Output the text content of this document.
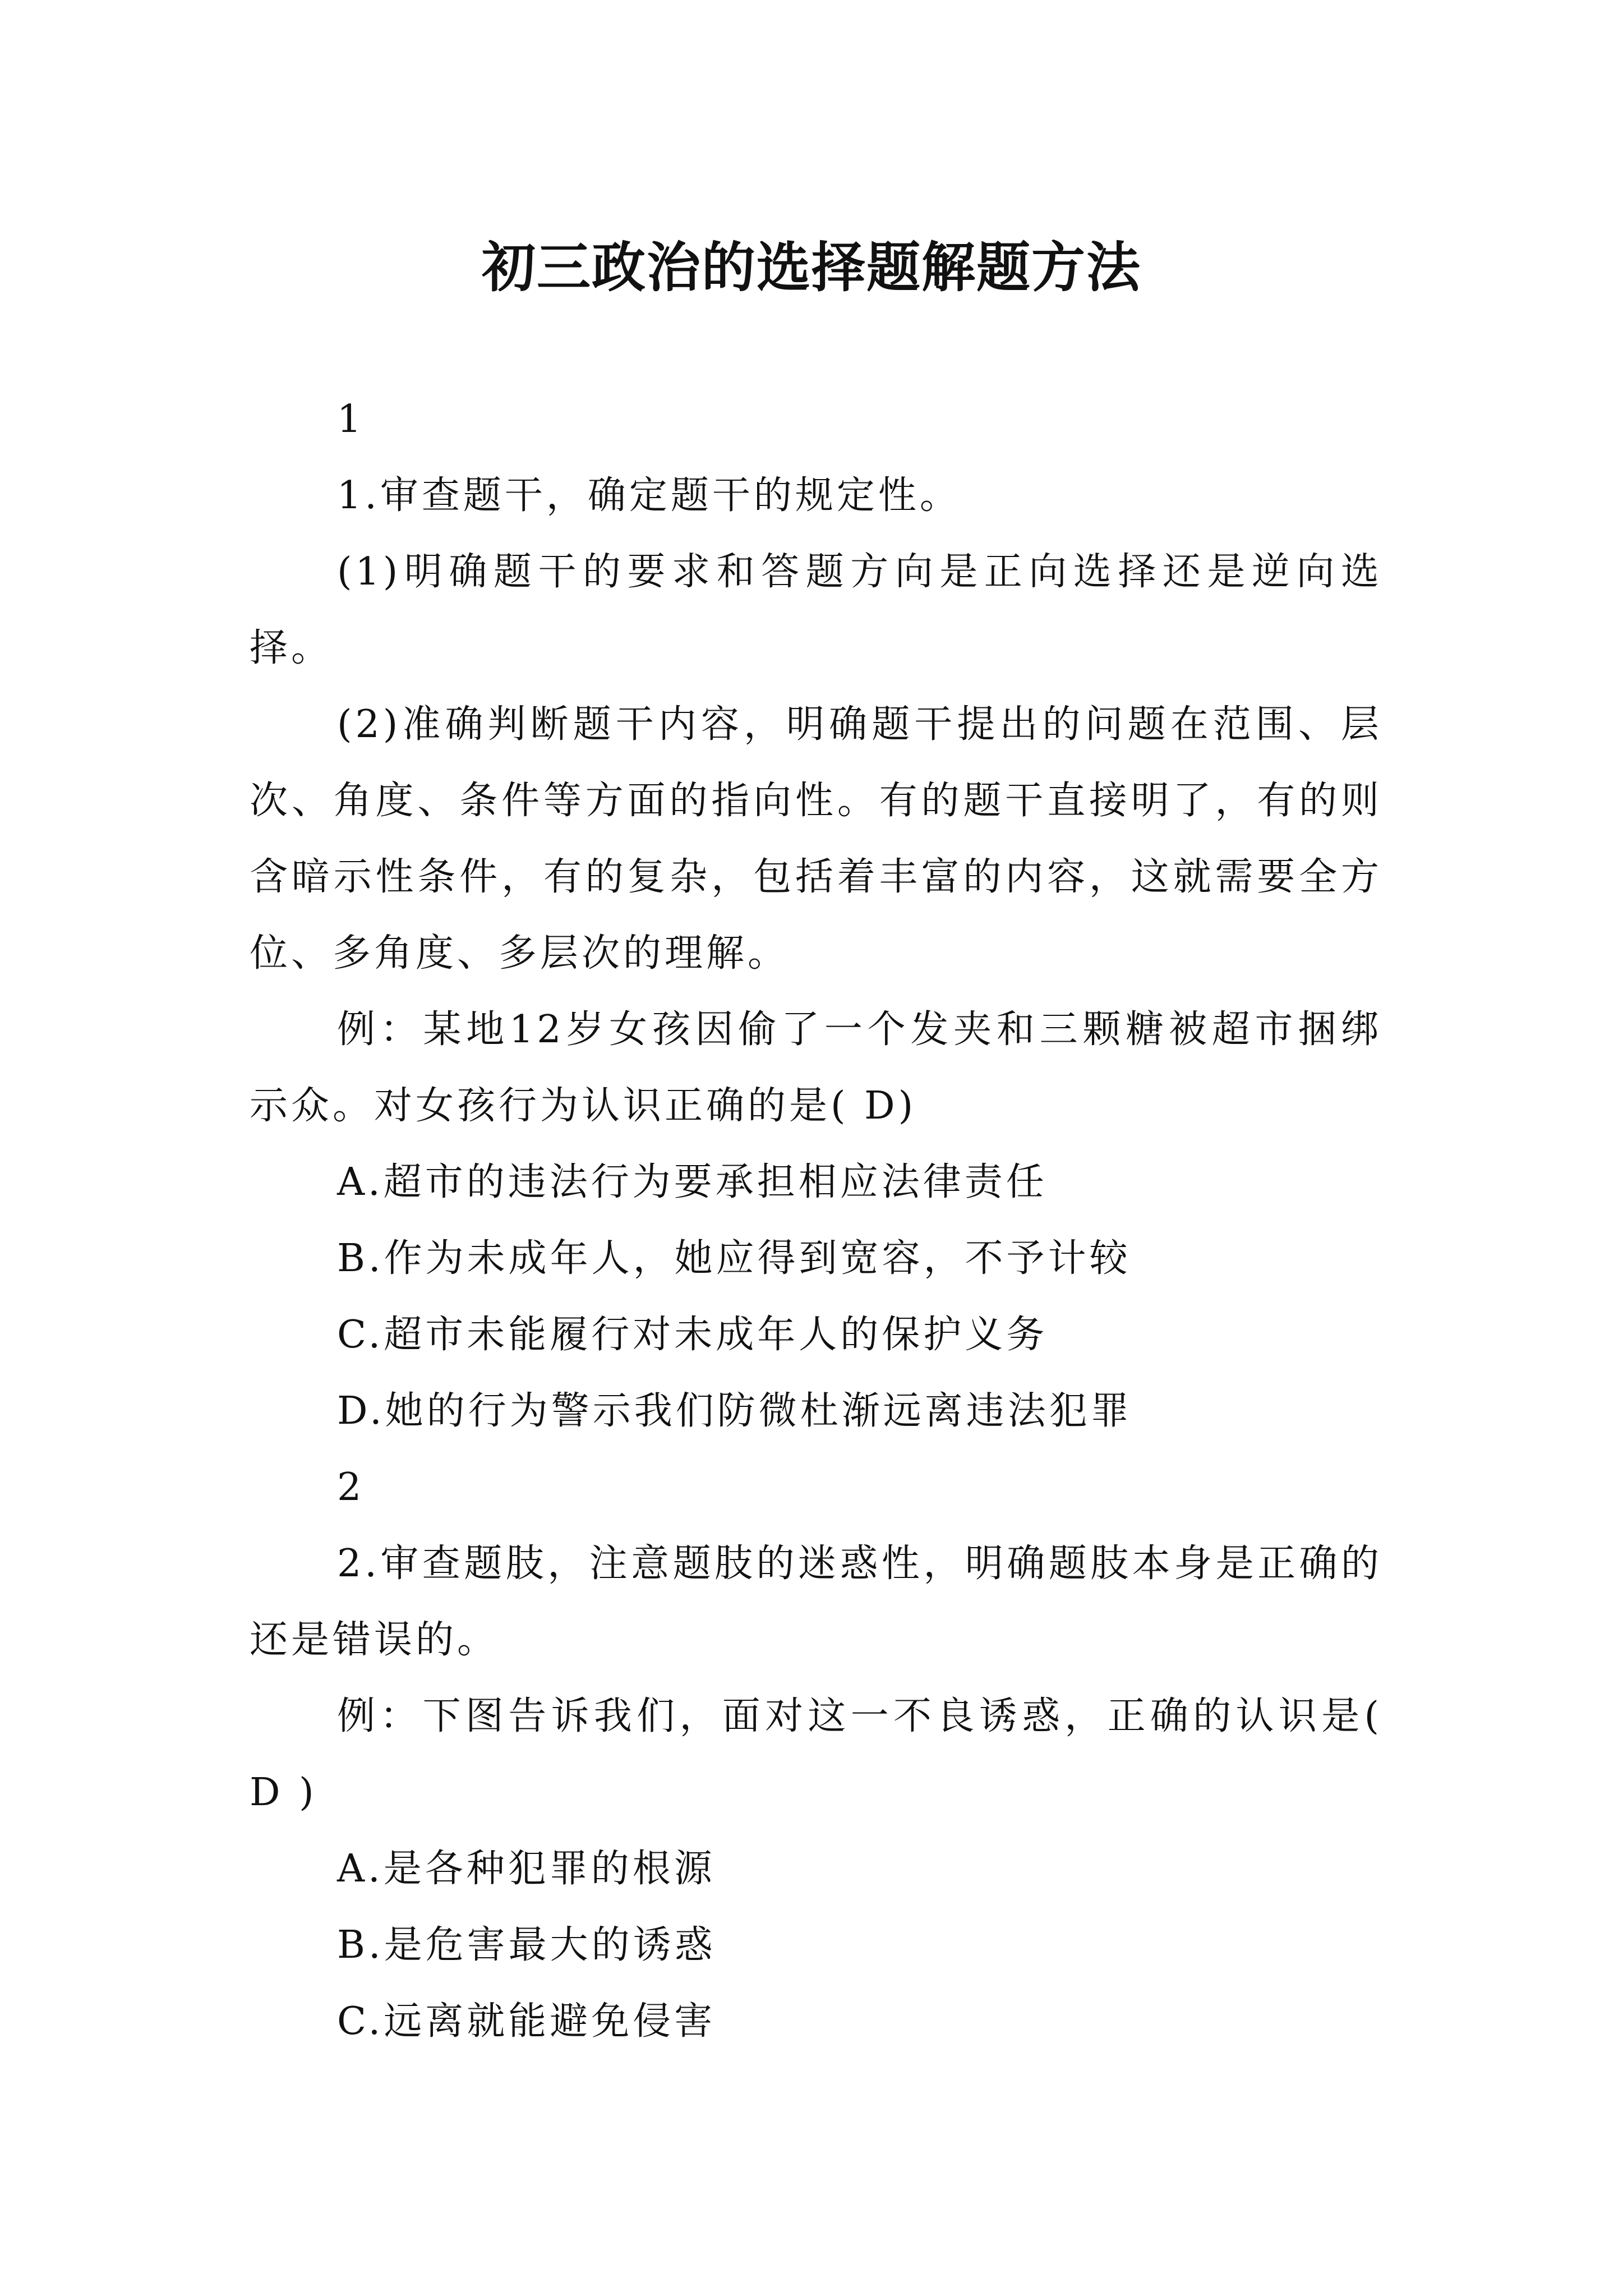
初三政治的选择题解题方法

1

1.审查题干，确定题干的规定性。

(1)明确题干的要求和答题方向是正向选择还是逆向选择。

(2)准确判断题干内容，明确题干提出的问题在范围、层次、角度、条件等方面的指向性。有的题干直接明了，有的则含暗示性条件，有的复杂，包括着丰富的内容，这就需要全方位、多角度、多层次的理解。

例：某地12岁女孩因偷了一个发夹和三颗糖被超市捆绑示众。对女孩行为认识正确的是( D)

A.超市的违法行为要承担相应法律责任

B.作为未成年人，她应得到宽容，不予计较

C.超市未能履行对未成年人的保护义务

D.她的行为警示我们防微杜渐远离违法犯罪

2

2.审查题肢，注意题肢的迷惑性，明确题肢本身是正确的还是错误的。

例：下图告诉我们，面对这一不良诱惑，正确的认识是( D )

A.是各种犯罪的根源

B.是危害最大的诱惑

C.远离就能避免侵害
